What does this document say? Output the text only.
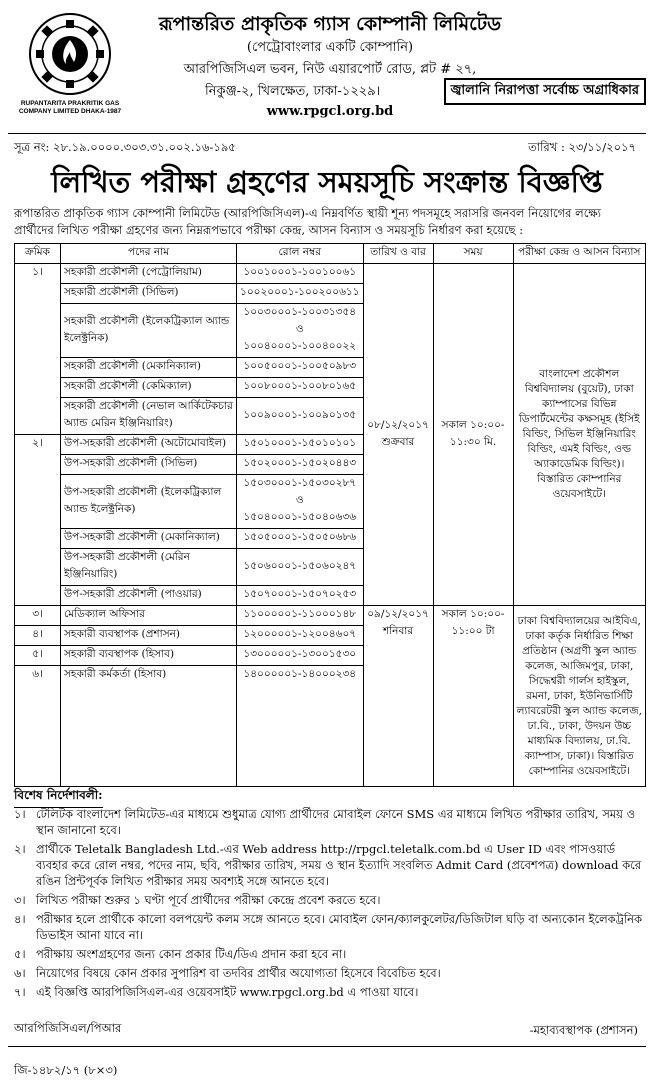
RUPANTARITA PRAKRITIK GAS COMPANY LIMITED DHAKA-1987
রূপান্তরিত প্রাকৃতিক গ্যাস কোম্পানী লিমিটেড
(পেট্রোবাংলার একটি কোম্পানি)
আরপিজিসিএল ভবন, নিউ এয়ারপোর্ট রোড, প্লট # ২৭,
নিকুঞ্জ-২, খিলক্ষেত, ঢাকা-১২২৯।
www.rpgcl.org.bd
জ্বালানি নিরাপত্তা সর্বোচ্চ অগ্রাধিকার
সূত্র নং: ২৮.১৯.০০০০.৩০৩.৩১.০০২.১৬-১৯৫	তারিখ : ২৩/১১/২০১৭
লিখিত পরীক্ষা গ্রহণের সময়সূচি সংক্রান্ত বিজ্ঞপ্তি
রূপান্তরিত প্রাকৃতিক গ্যাস কোম্পানী লিমিটেড (আরপিজিসিএল)-এ নিম্নবর্ণিত স্থায়ী শূন্য পদসমূহে সরাসরি জনবল নিয়োগের লক্ষ্যে প্রার্থীদের লিখিত পরীক্ষা গ্রহণের জন্য নিম্নরূপভাবে পরীক্ষা কেন্দ্র, আসন বিন্যাস ও সময়সূচি নির্ধারণ করা হয়েছে :
ক্রমিক	পদের নাম	রোল নম্বর	তারিখ ও বার	সময়	পরীক্ষা কেন্দ্র ও আসন বিন্যাস
১।	সহকারী প্রকৌশলী (পেট্রোলিয়াম)	১০০১০০০১-১০০১০০৬১	০৮/১২/২০১৭ শুক্রবার	সকাল ১০:০০- ১১:৩০ মি.	বাংলাদেশ প্রকৌশল বিশ্ববিদ্যালয় (বুয়েট), ঢাকা ক্যাম্পাসের বিভিন্ন ডিপার্টমেন্টের কক্ষসমূহ (ইসিই বিল্ডিং, সিভিল ইঞ্জিনিয়ারিং বিল্ডিং, এমই বিল্ডিং, ওল্ড অ্যাকাডেমিক বিল্ডিং)। বিস্তারিত কোম্পানির ওয়েবসাইটে।
	সহকারী প্রকৌশলী (সিভিল)	১০০২০০০১-১০০২০০৬১১			
	সহকারী প্রকৌশলী (ইলেকট্রিক্যাল অ্যান্ড ইলেক্ট্রনিক)	১০০৩০০০১-১০০৩১৩৫৪ ও ১০০৪০০০১-১০০৪০০২২			
	সহকারী প্রকৌশলী (মেকানিক্যাল)	১০০৫০০০১-১০০৫০৯৮৩			
	সহকারী প্রকৌশলী (কেমিক্যাল)	১০০৮০০০১-১০০৮০১৬৫			
	সহকারী প্রকৌশলী (নেভাল আর্কিটেকচার অ্যান্ড মেরিন ইঞ্জিনিয়ারিং)	১০০৯০০০১-১০০৯০১৩৫			
২।	উপ-সহকারী প্রকৌশলী (অটোমোবাইল)	১৫০১০০০১-১৫০১০১০১			
	উপ-সহকারী প্রকৌশলী (সিভিল)	১৫০২০০০১-১৫০২০৪৪৩			
	উপ-সহকারী প্রকৌশলী (ইলেকট্রিক্যাল অ্যান্ড ইলেক্ট্রনিক)	১৫০৩০০০১-১৫০৩০২৮৭ ও ১৫০৪০০০১-১৫০৪০৬৩৬			
	উপ-সহকারী প্রকৌশলী (মেকানিক্যাল)	১৫০৫০০০১-১৫০৫০৬৮৬			
	উপ-সহকারী প্রকৌশলী (মেরিন ইঞ্জিনিয়ারিং)	১৫০৬০০০১-১৫০৬০২৪৭			
	উপ-সহকারী প্রকৌশলী (পাওয়ার)	১৫০৭০০০১-১৫০৭০২৫৩			
৩।	মেডিক্যাল অফিসার	১১০০০০০১-১১০০০১৪৮	০৯/১২/২০১৭ শনিবার	সকাল ১০:০০- ১১:০০ টা	ঢাকা বিশ্ববিদ্যালয়ের আইবিএ, ঢাকা কর্তৃক নির্ধারিত শিক্ষা প্রতিষ্ঠান (অগ্রণী স্কুল অ্যান্ড কলেজ, আজিমপুর, ঢাকা, সিদ্ধেশ্বরী গার্লস হাইস্কুল, রমনা, ঢাকা, ইউনিভার্সিটি ল্যাবরেটরী স্কুল অ্যান্ড কলেজ, ঢা.বি., ঢাকা, উদয়ন উচ্চ মাধ্যমিক বিদ্যালয়, ঢা.বি. ক্যাম্পাস, ঢাকা)। বিস্তারিত কোম্পানির ওয়েবসাইটে।
৪।	সহকারী ব্যবস্থাপক (প্রশাসন)	১২০০০০০১-১২০০৪৬০৭			
৫।	সহকারী ব্যবস্থাপক (হিসাব)	১৩০০০০০১-১৩০০১৫৩০			
৬।	সহকারী কর্মকর্তা (হিসাব)	১৪০০০০০১-১৪০০০২৩৪			
বিশেষ নির্দেশাবলী:
১। টেলিটক বাংলাদেশ লিমিটেড-এর মাধ্যমে শুধুমাত্র যোগ্য প্রার্থীদের মোবাইল ফোনে SMS এর মাধ্যমে লিখিত পরীক্ষার তারিখ, সময় ও স্থান জানানো হবে।
২। প্রার্থীকে Teletalk Bangladesh Ltd.-এর Web address http://rpgcl.teletalk.com.bd এ User ID এবং পাসওয়ার্ড ব্যবহার করে রোল নম্বর, পদের নাম, ছবি, পরীক্ষার তারিখ, সময় ও স্থান ইত্যাদি সংবলিত Admit Card (প্রবেশপত্র) download করে রঙিন প্রিন্টপূর্বক লিখিত পরীক্ষার সময় অবশ্যই সঙ্গে আনতে হবে।
৩। লিখিত পরীক্ষা শুরুর ১ ঘণ্টা পূর্বে প্রার্থীদের পরীক্ষা কেন্দ্রে প্রবেশ করতে হবে।
৪। পরীক্ষার হলে প্রার্থীকে কালো বলপয়েন্ট কলম সঙ্গে আনতে হবে। মোবাইল ফোন/ক্যালকুলেটর/ডিজিটাল ঘড়ি বা অন্যকোন ইলেকট্রনিক ডিভাইস আনা যাবে না।
৫। পরীক্ষায় অংশগ্রহণের জন্য কোন প্রকার টিএ/ডিএ প্রদান করা হবে না।
৬। নিয়োগের বিষয়ে কোন প্রকার সুপারিশ বা তদবির প্রার্থীর অযোগ্যতা হিসেবে বিবেচিত হবে।
৭। এই বিজ্ঞপ্তি আরপিজিসিএল-এর ওয়েবসাইট www.rpgcl.org.bd এ পাওয়া যাবে।
আরপিজিসিএল/পিআর	-মহাব্যবস্থাপক (প্রশাসন)
জি-১৪৮২/১৭ (৮×৩)
